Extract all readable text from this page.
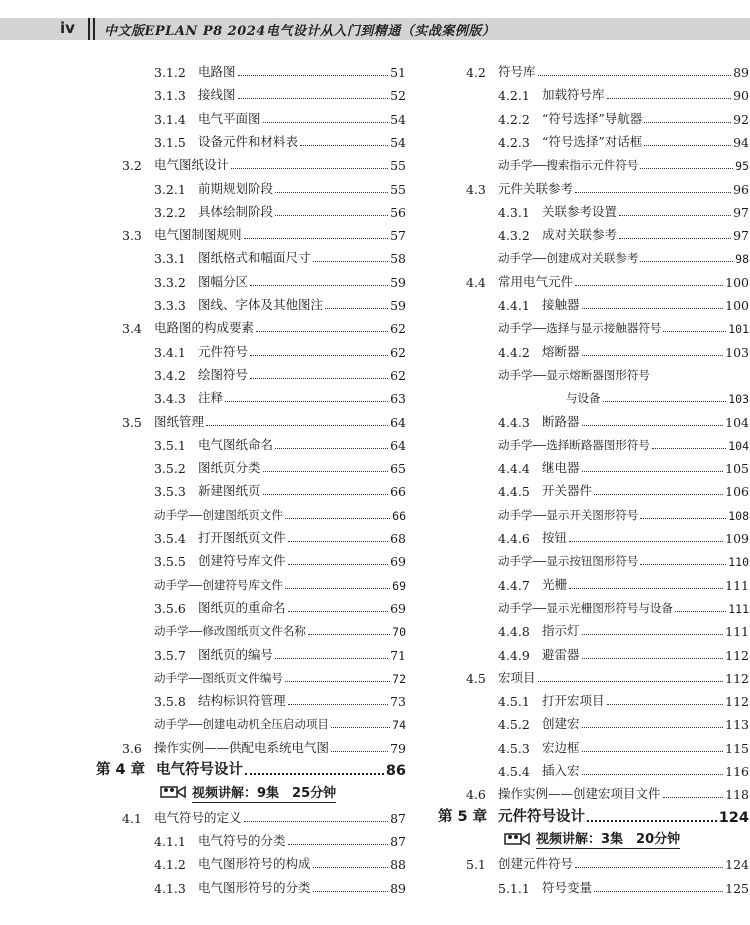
iv 中文版EPLAN P8 2024电气设计从入门到精通（实战案例版）
3.1.2 电路图	51
3.1.3 接线图	52
3.1.4 电气平面图	54
3.1.5 设备元件和材料表	54
3.2 电气图纸设计	55
3.2.1 前期规划阶段	55
3.2.2 具体绘制阶段	56
3.3 电气图制图规则	57
3.3.1 图纸格式和幅面尺寸	58
3.3.2 图幅分区	59
3.3.3 图线、字体及其他图注	59
3.4 电路图的构成要素	62
3.4.1 元件符号	62
3.4.2 绘图符号	62
3.4.3 注释	63
3.5 图纸管理	64
3.5.1 电气图纸命名	64
3.5.2 图纸页分类	65
3.5.3 新建图纸页	66
动手学——创建图纸页文件	66
3.5.4 打开图纸页文件	68
3.5.5 创建符号库文件	69
动手学——创建符号库文件	69
3.5.6 图纸页的重命名	69
动手学——修改图纸页文件名称	70
3.5.7 图纸页的编号	71
动手学——图纸页文件编号	72
3.5.8 结构标识符管理	73
动手学——创建电动机全压启动项目	74
3.6 操作实例——供配电系统电气图	79
第 4 章 电气符号设计	86
视频讲解：9集　25分钟
4.1 电气符号的定义	87
4.1.1 电气符号的分类	87
4.1.2 电气图形符号的构成	88
4.1.3 电气图形符号的分类	89
4.2 符号库	89
4.2.1 加载符号库	90
4.2.2 “符号选择”导航器	92
4.2.3 “符号选择”对话框	94
动手学——搜索指示元件符号	95
4.3 元件关联参考	96
4.3.1 关联参考设置	97
4.3.2 成对关联参考	97
动手学——创建成对关联参考	98
4.4 常用电气元件	100
4.4.1 接触器	100
动手学——选择与显示接触器符号	101
4.4.2 熔断器	103
动手学——显示熔断器图形符号
与设备	103
4.4.3 断路器	104
动手学——选择断路器图形符号	104
4.4.4 继电器	105
4.4.5 开关器件	106
动手学——显示开关图形符号	108
4.4.6 按钮	109
动手学——显示按钮图形符号	110
4.4.7 光栅	111
动手学——显示光栅图形符号与设备	111
4.4.8 指示灯	111
4.4.9 避雷器	112
4.5 宏项目	112
4.5.1 打开宏项目	112
4.5.2 创建宏	113
4.5.3 宏边框	115
4.5.4 插入宏	116
4.6 操作实例——创建宏项目文件	118
第 5 章 元件符号设计	124
视频讲解：3集　20分钟
5.1 创建元件符号	124
5.1.1 符号变量	125
